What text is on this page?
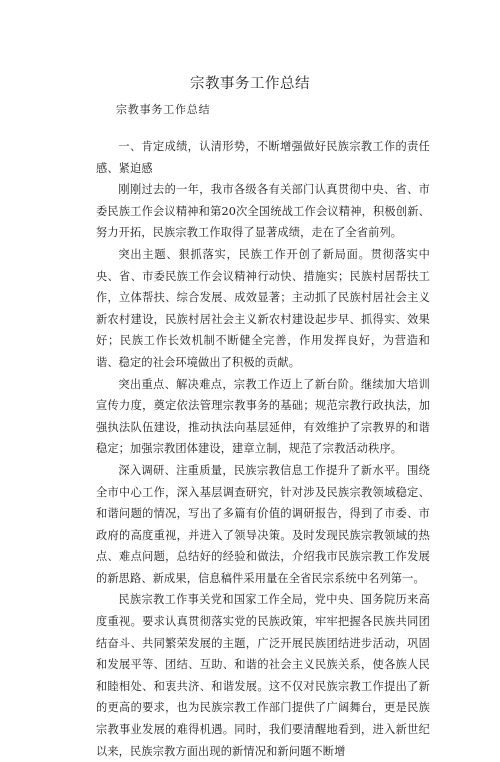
宗教事务工作总结
宗教事务工作总结

一、肯定成绩，认清形势，不断增强做好民族宗教工作的责任感、紧迫感

刚刚过去的一年，我市各级各有关部门认真贯彻中央、省、市委民族工作会议精神和第20次全国统战工作会议精神，积极创新、努力开拓，民族宗教工作取得了显著成绩，走在了全省前列。

突出主题、狠抓落实，民族工作开创了新局面。贯彻落实中央、省、市委民族工作会议精神行动快、措施实；民族村居帮扶工作，立体帮扶、综合发展、成效显著；主动抓了民族村居社会主义新农村建设，民族村居社会主义新农村建设起步早、抓得实、效果好；民族工作长效机制不断健全完善，作用发挥良好，为营造和谐、稳定的社会环境做出了积极的贡献。

突出重点、解决难点，宗教工作迈上了新台阶。继续加大培训宣传力度，奠定依法管理宗教事务的基础；规范宗教行政执法，加强执法队伍建设，推动执法向基层延伸，有效维护了宗教界的和谐稳定；加强宗教团体建设，建章立制，规范了宗教活动秩序。

深入调研、注重质量，民族宗教信息工作提升了新水平。围绕全市中心工作，深入基层调查研究，针对涉及民族宗教领域稳定、和谐问题的情况，写出了多篇有价值的调研报告，得到了市委、市政府的高度重视，并进入了领导决策。及时发现民族宗教领域的热点、难点问题，总结好的经验和做法，介绍我市民族宗教工作发展的新思路、新成果，信息稿件采用量在全省民宗系统中名列第一。

民族宗教工作事关党和国家工作全局，党中央、国务院历来高度重视。要求认真贯彻落实党的民族政策，牢牢把握各民族共同团结奋斗、共同繁荣发展的主题，广泛开展民族团结进步活动，巩固和发展平等、团结、互助、和谐的社会主义民族关系，使各族人民和睦相处、和衷共济、和谐发展。这不仅对民族宗教工作提出了新的更高的要求，也为民族宗教工作部门提供了广阔舞台，更是民族宗教事业发展的难得机遇。同时，我们要清醒地看到，进入新世纪以来，民族宗教方面出现的新情况和新问题不断增
